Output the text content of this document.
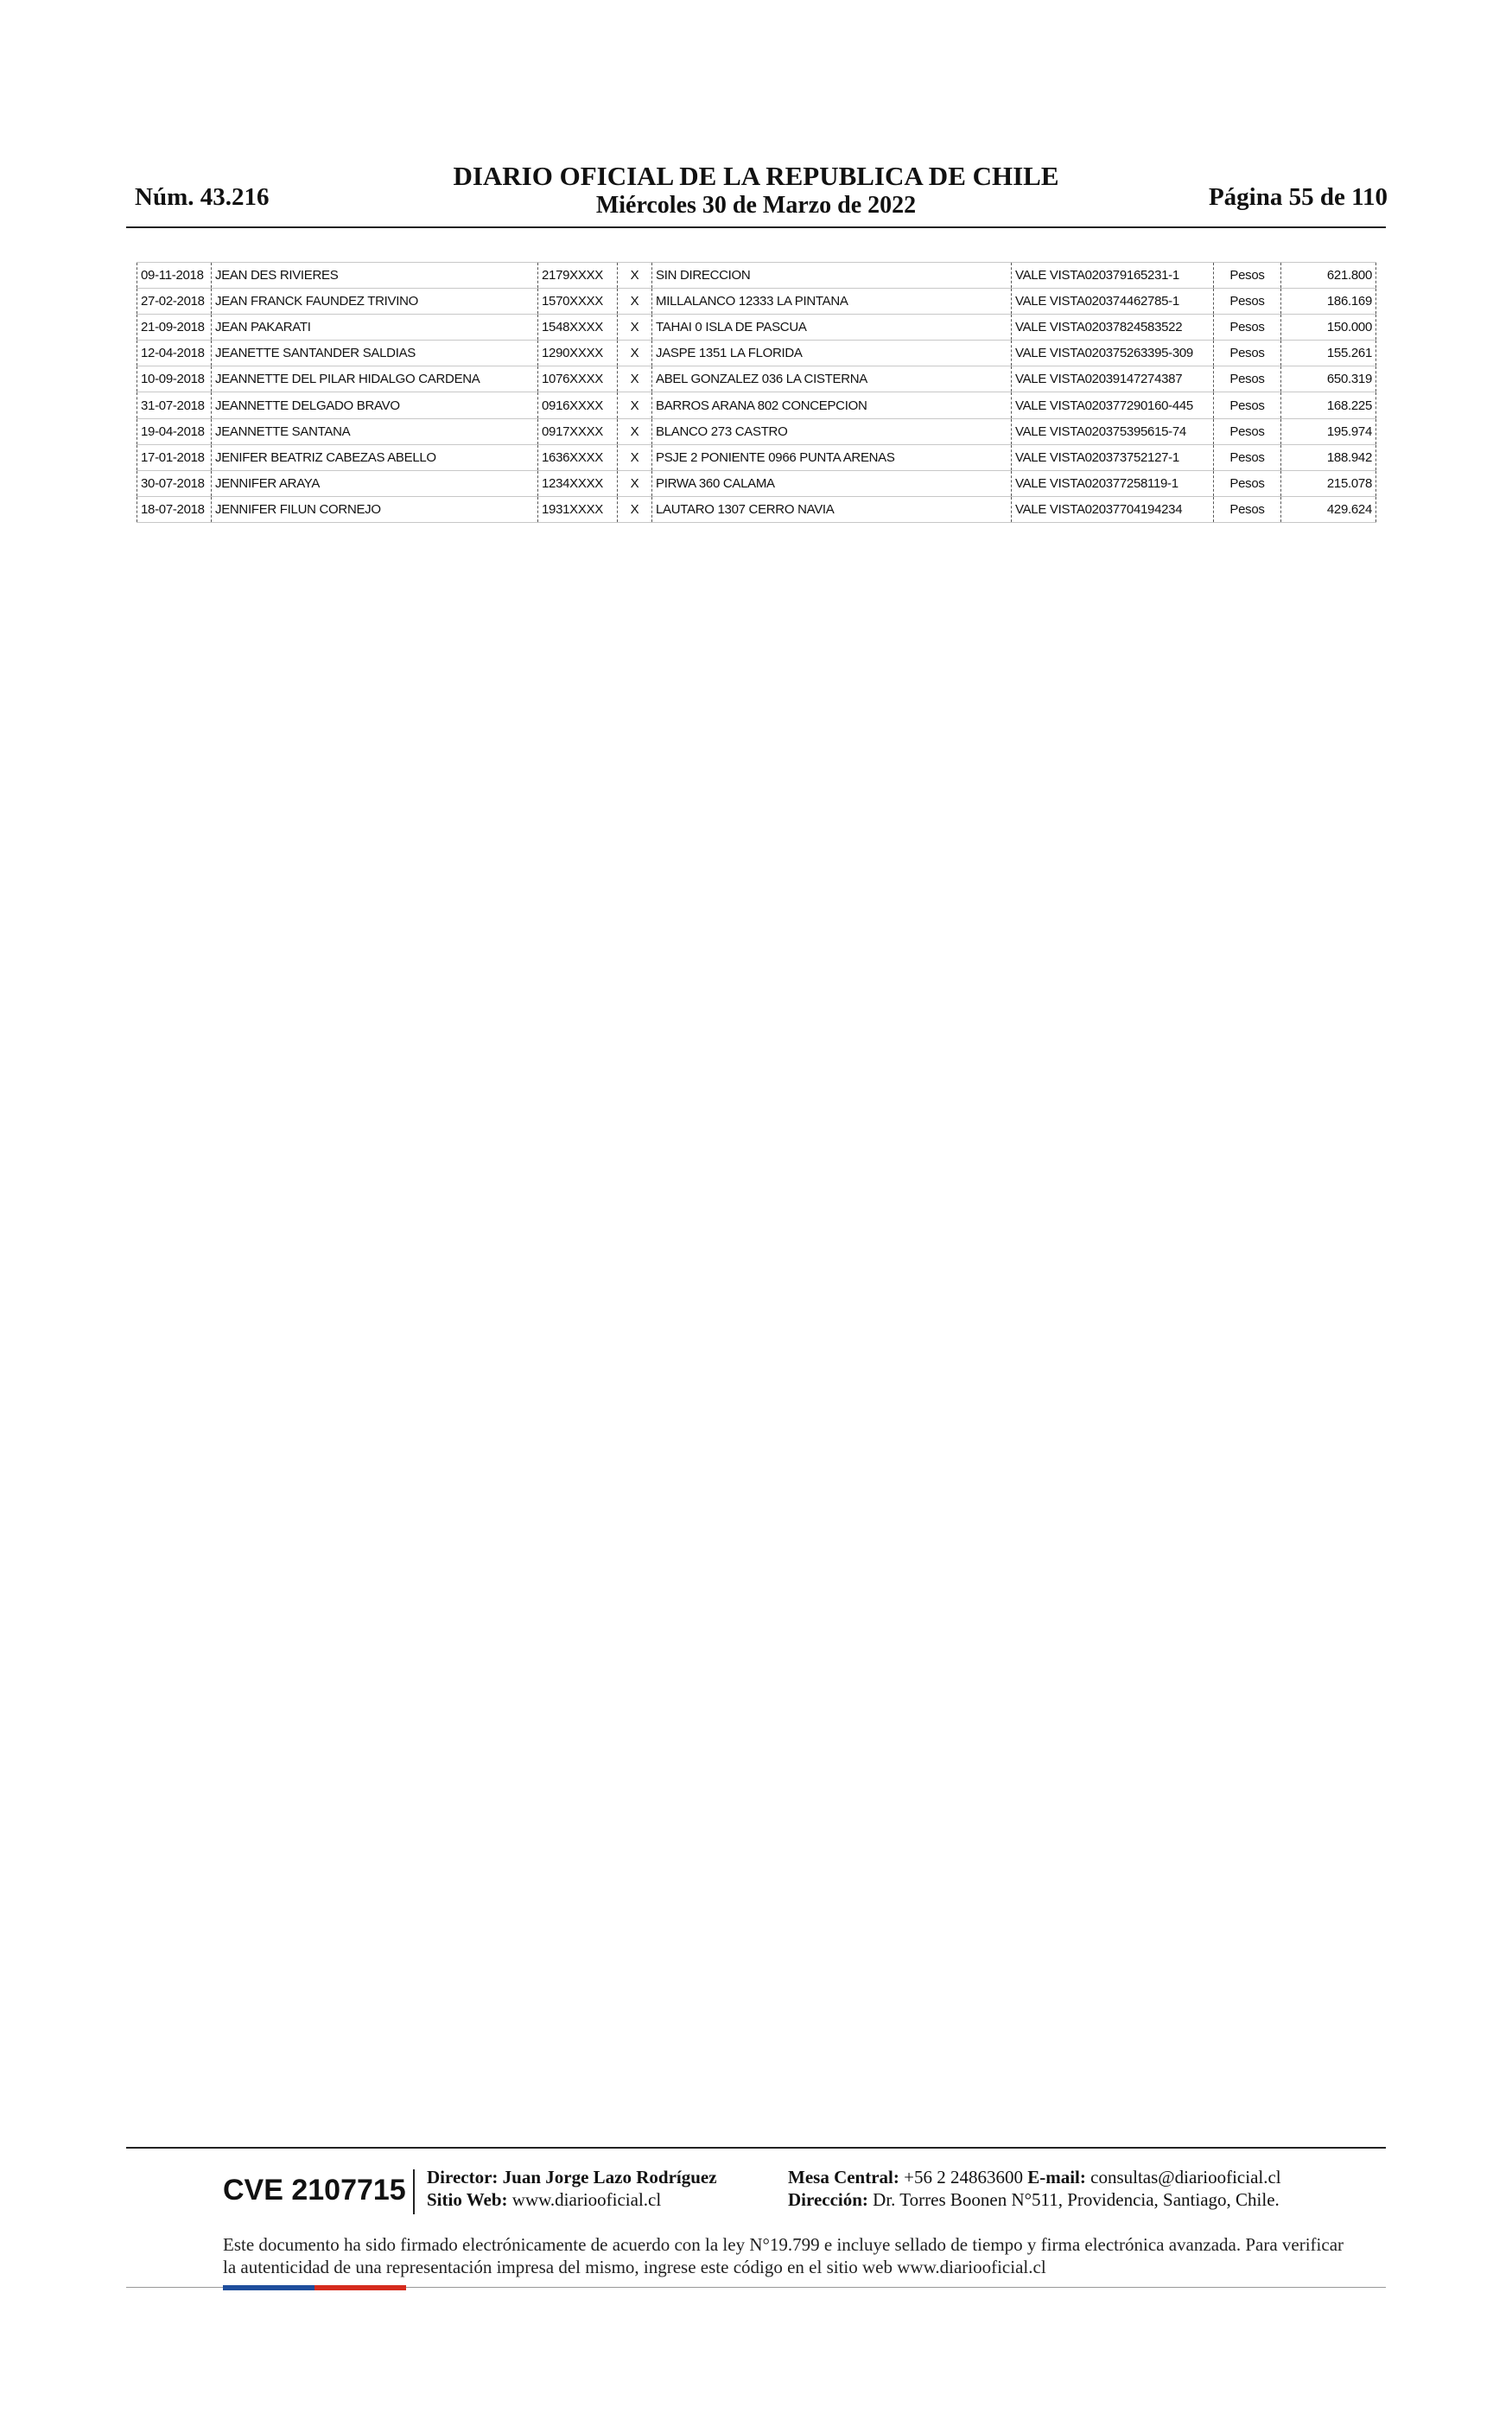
DIARIO OFICIAL DE LA REPUBLICA DE CHILE
Miércoles 30 de Marzo de 2022
Núm. 43.216	Página 55 de 110
09-11-2018	JEAN DES RIVIERES	2179XXXX	X	SIN DIRECCION	VALE VISTA020379165231-1	Pesos	621.800
27-02-2018	JEAN FRANCK FAUNDEZ TRIVINO	1570XXXX	X	MILLALANCO 12333 LA PINTANA	VALE VISTA020374462785-1	Pesos	186.169
21-09-2018	JEAN PAKARATI	1548XXXX	X	TAHAI 0 ISLA DE PASCUA	VALE VISTA02037824583522	Pesos	150.000
12-04-2018	JEANETTE SANTANDER SALDIAS	1290XXXX	X	JASPE 1351 LA FLORIDA	VALE VISTA020375263395-309	Pesos	155.261
10-09-2018	JEANNETTE DEL PILAR HIDALGO CARDENA	1076XXXX	X	ABEL GONZALEZ 036 LA CISTERNA	VALE VISTA02039147274387	Pesos	650.319
31-07-2018	JEANNETTE DELGADO BRAVO	0916XXXX	X	BARROS ARANA 802 CONCEPCION	VALE VISTA020377290160-445	Pesos	168.225
19-04-2018	JEANNETTE SANTANA	0917XXXX	X	BLANCO 273 CASTRO	VALE VISTA020375395615-74	Pesos	195.974
17-01-2018	JENIFER BEATRIZ CABEZAS ABELLO	1636XXXX	X	PSJE 2 PONIENTE 0966 PUNTA ARENAS	VALE VISTA020373752127-1	Pesos	188.942
30-07-2018	JENNIFER ARAYA	1234XXXX	X	PIRWA 360 CALAMA	VALE VISTA020377258119-1	Pesos	215.078
18-07-2018	JENNIFER FILUN CORNEJO	1931XXXX	X	LAUTARO 1307 CERRO NAVIA	VALE VISTA02037704194234	Pesos	429.624
CVE 2107715 Director: Juan Jorge Lazo Rodríguez
Sitio Web: www.diariooficial.cl
Mesa Central: +56 2 24863600 E-mail: consultas@diariooficial.cl
Dirección: Dr. Torres Boonen N°511, Providencia, Santiago, Chile.
Este documento ha sido firmado electrónicamente de acuerdo con la ley N°19.799 e incluye sellado de tiempo y firma electrónica avanzada. Para verificar la autenticidad de una representación impresa del mismo, ingrese este código en el sitio web www.diariooficial.cl
